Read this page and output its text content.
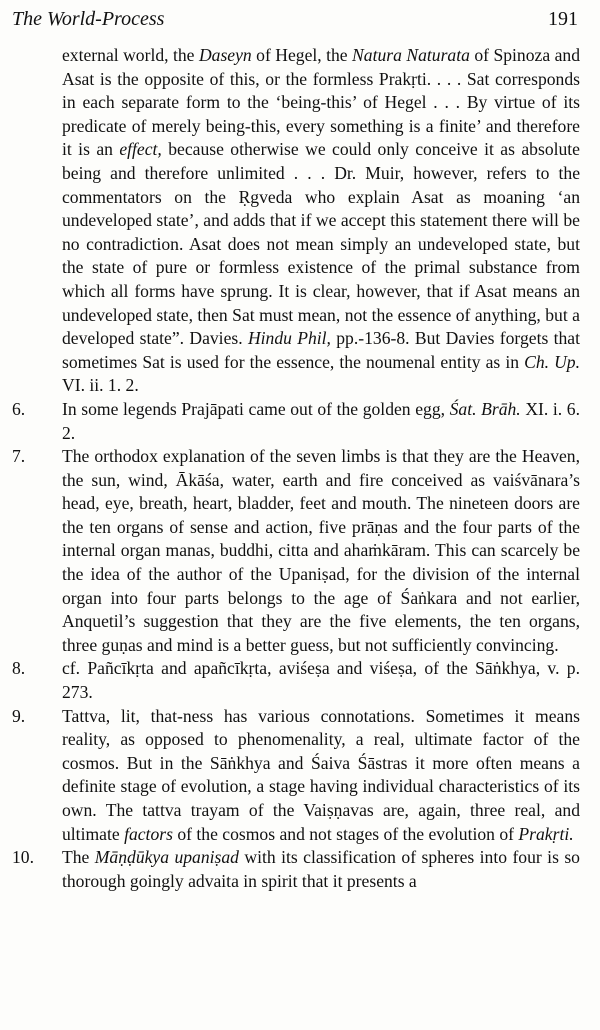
The World-Process	191

external world, the Daseyn of Hegel, the Natura Naturata of Spinoza and Asat is the opposite of this, or the formless Prakṛti. . . . Sat corresponds in each separate form to the ‘being-this’ of Hegel . . . By virtue of its predicate of merely being-this, every something is a finite’ and therefore it is an effect, because otherwise we could only conceive it as absolute being and therefore unlimited . . . Dr. Muir, however, refers to the commentators on the Ṛgveda who explain Asat as moaning ‘an undeveloped state’, and adds that if we accept this statement there will be no contradiction. Asat does not mean simply an undeveloped state, but the state of pure or formless existence of the primal substance from which all forms have sprung. It is clear, however, that if Asat means an undeveloped state, then Sat must mean, not the essence of anything, but a developed state”. Davies. Hindu Phil, pp.-136-8. But Davies forgets that sometimes Sat is used for the essence, the noumenal entity as in Ch. Up. VI. ii. 1. 2.

6.	In some legends Prajāpati came out of the golden egg, Śat. Brāh. XI. i. 6. 2.
7.	The orthodox explanation of the seven limbs is that they are the Heaven, the sun, wind, Ākāśa, water, earth and fire conceived as vaiśvānara’s head, eye, breath, heart, bladder, feet and mouth. The nineteen doors are the ten organs of sense and action, five prāṇas and the four parts of the internal organ manas, buddhi, citta and ahaṁkāram. This can scarcely be the idea of the author of the Upaniṣad, for the division of the internal organ into four parts belongs to the age of Śaṅkara and not earlier, Anquetil’s suggestion that they are the five elements, the ten organs, three guṇas and mind is a better guess, but not sufficiently convincing.
8.	cf. Pañcīkṛta and apañcīkṛta, aviśeṣa and viśeṣa, of the Sāṅkhya, v. p. 273.
9.	Tattva, lit, that-ness has various connotations. Sometimes it means reality, as opposed to phenomenality, a real, ultimate factor of the cosmos. But in the Sāṅkhya and Śaiva Śāstras it more often means a definite stage of evolution, a stage having individual characteristics of its own. The tattva trayam of the Vaiṣṇavas are, again, three real, and ultimate factors of the cosmos and not stages of the evolution of Prakṛti.
10.	The Māṇḍūkya upaniṣad with its classification of spheres into four is so thorough goingly advaita in spirit that it presents a
